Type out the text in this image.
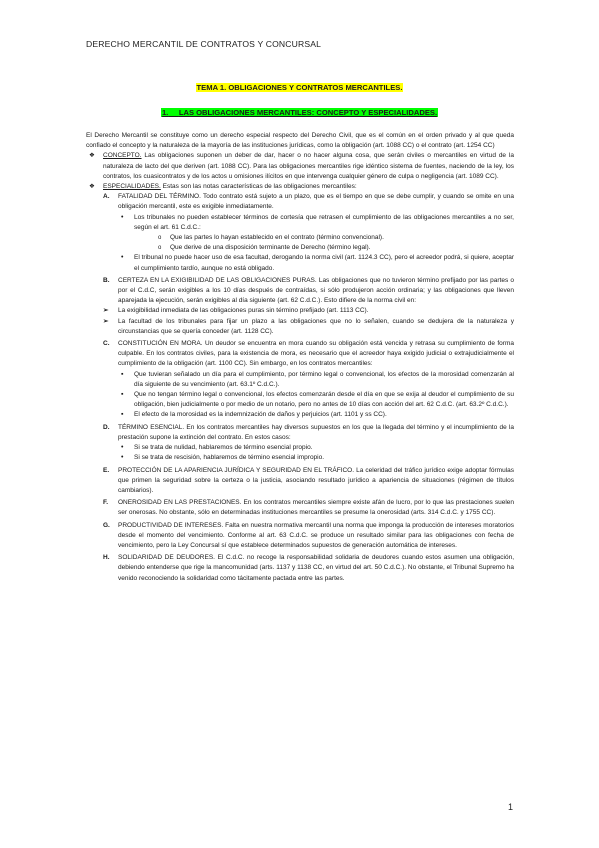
DERECHO MERCANTIL DE CONTRATOS Y CONCURSAL
TEMA 1. OBLIGACIONES Y CONTRATOS MERCANTILES.
1. LAS OBLIGACIONES MERCANTILES: CONCEPTO Y ESPECIALIDADES.

El Derecho Mercantil se constituye como un derecho especial respecto del Derecho Civil, que es el común en el orden privado y al que queda confiado el concepto y la naturaleza de la mayoría de las instituciones jurídicas, como la obligación (art. 1088 CC) o el contrato (art. 1254 CC)

❖ CONCEPTO. Las obligaciones suponen un deber de dar, hacer o no hacer alguna cosa, que serán civiles o mercantiles en virtud de la naturaleza de lacto del que deriven (art. 1088 CC). Para las obligaciones mercantiles rige idéntico sistema de fuentes, naciendo de la ley, los contratos, los cuasicontratos y de los actos u omisiones ilícitos en que intervenga cualquier género de culpa o negligencia (art. 1089 CC).
❖ ESPECIALIDADES. Estas son las notas características de las obligaciones mercantiles:
A. FATALIDAD DEL TÉRMINO. Todo contrato está sujeto a un plazo, que es el tiempo en que se debe cumplir, y cuando se omite en una obligación mercantil, este es exigible inmediatamente.
• Los tribunales no pueden establecer términos de cortesía que retrasen el cumplimiento de las obligaciones mercantiles a no ser, según el art. 61 C.d.C.:
o Que las partes lo hayan establecido en el contrato (término convencional).
o Que derive de una disposición terminante de Derecho (término legal).
• El tribunal no puede hacer uso de esa facultad, derogando la norma civil (art. 1124.3 CC), pero el acreedor podrá, si quiere, aceptar el cumplimiento tardío, aunque no está obligado.
B. CERTEZA EN LA EXIGIBILIDAD DE LAS OBLIGACIONES PURAS. Las obligaciones que no tuvieron término prefijado por las partes o por el C.d.C, serán exigibles a los 10 días después de contraídas, si sólo produjeron acción ordinaria; y las obligaciones que lleven aparejada la ejecución, serán exigibles al día siguiente (art. 62 C.d.C.). Esto difiere de la norma civil en:
➢ La exigibilidad inmediata de las obligaciones puras sin término prefijado (art. 1113 CC).
➢ La facultad de los tribunales para fijar un plazo a las obligaciones que no lo señalen, cuando se dedujera de la naturaleza y circunstancias que se quería conceder (art. 1128 CC).
C. CONSTITUCIÓN EN MORA. Un deudor se encuentra en mora cuando su obligación está vencida y retrasa su cumplimiento de forma culpable. En los contratos civiles, para la existencia de mora, es necesario que el acreedor haya exigido judicial o extrajudicialmente el cumplimiento de la obligación (art. 1100 CC). Sin embargo, en los contratos mercantiles:
▪ Que tuvieran señalado un día para el cumplimiento, por término legal o convencional, los efectos de la morosidad comenzarán al día siguiente de su vencimiento (art. 63.1º C.d.C.).
▪ Que no tengan término legal o convencional, los efectos comenzarán desde el día en que se exija al deudor el cumplimiento de su obligación, bien judicialmente o por medio de un notario, pero no antes de 10 días con acción del art. 62 C.d.C. (art. 63.2º C.d.C.).
▪ El efecto de la morosidad es la indemnización de daños y perjuicios (art. 1101 y ss CC).
D. TÉRMINO ESENCIAL. En los contratos mercantiles hay diversos supuestos en los que la llegada del término y el incumplimiento de la prestación supone la extinción del contrato. En estos casos:
• Si se trata de nulidad, hablaremos de término esencial propio.
• Si se trata de rescisión, hablaremos de término esencial impropio.
E. PROTECCIÓN DE LA APARIENCIA JURÍDICA Y SEGURIDAD EN EL TRÁFICO. La celeridad del tráfico jurídico exige adoptar fórmulas que primen la seguridad sobre la certeza o la justicia, asociando resultado jurídico a apariencia de situaciones (régimen de títulos cambiarios).
F. ONEROSIDAD EN LAS PRESTACIONES. En los contratos mercantiles siempre existe afán de lucro, por lo que las prestaciones suelen ser onerosas. No obstante, sólo en determinadas instituciones mercantiles se presume la onerosidad (arts. 314 C.d.C. y 1755 CC).
G. PRODUCTIVIDAD DE INTERESES. Falta en nuestra normativa mercantil una norma que imponga la producción de intereses moratorios desde el momento del vencimiento. Conforme al art. 63 C.d.C. se produce un resultado similar para las obligaciones con fecha de vencimiento, pero la Ley Concursal sí que establece determinados supuestos de generación automática de intereses.
H. SOLIDARIDAD DE DEUDORES. El C.d.C. no recoge la responsabilidad solidaria de deudores cuando estos asumen una obligación, debiendo entenderse que rige la mancomunidad (arts. 1137 y 1138 CC, en virtud del art. 50 C.d.C.). No obstante, el Tribunal Supremo ha venido reconociendo la solidaridad como tácitamente pactada entre las partes.
1
